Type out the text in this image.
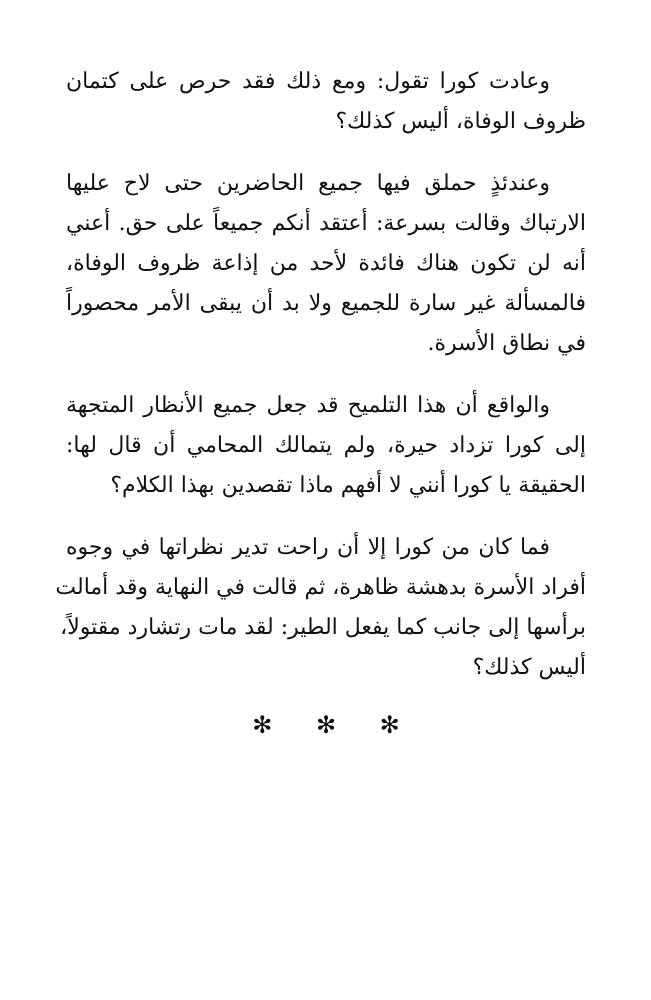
وعادت كورا تقول: ومع ذلك فقد حرص على كتمان
ظروف الوفاة، أليس كذلك؟

وعندئذٍ حملق فيها جميع الحاضرين حتى لاح عليها
الارتباك وقالت بسرعة: أعتقد أنكم جميعاً على حق. أعني
أنه لن تكون هناك فائدة لأحد من إذاعة ظروف الوفاة،
فالمسألة غير سارة للجميع ولا بد أن يبقى الأمر محصوراً
في نطاق الأسرة.

والواقع أن هذا التلميح قد جعل جميع الأنظار المتجهة
إلى كورا تزداد حيرة، ولم يتمالك المحامي أن قال لها:
الحقيقة يا كورا أنني لا أفهم ماذا تقصدين بهذا الكلام؟

فما كان من كورا إلا أن راحت تدير نظراتها في وجوه
أفراد الأسرة بدهشة ظاهرة، ثم قالت في النهاية وقد أمالت
برأسها إلى جانب كما يفعل الطير: لقد مات رتشارد مقتولاً،
أليس كذلك؟

✻ ✻ ✻
